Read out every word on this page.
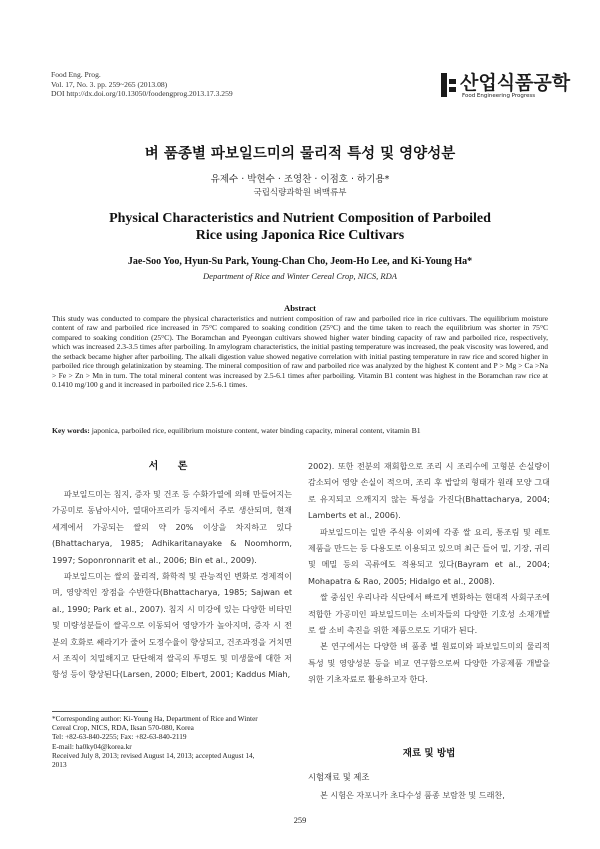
Food Eng. Prog.
Vol. 17, No. 3. pp. 259~265 (2013.08)
DOI http://dx.doi.org/10.13050/foodengprog.2013.17.3.259	산업식품공학
Food Engineering Progress
벼 품종별 파보일드미의 물리적 특성 및 영양성분
유제수 · 박현수 · 조영찬 · 이점호 · 하기용*
국립식량과학원 벼맥류부
Physical Characteristics and Nutrient Composition of Parboiled
Rice using Japonica Rice Cultivars
Jae-Soo Yoo, Hyun-Su Park, Young-Chan Cho, Jeom-Ho Lee, and Ki-Young Ha*
Department of Rice and Winter Cereal Crop, NICS, RDA
Abstract
This study was conducted to compare the physical characteristics and nutrient composition of raw and parboiled rice in rice cultivars. The equilibrium moisture content of raw and parboiled rice increased in 75°C compared to soaking condition (25°C) and the time taken to reach the equilibrium was shorter in 75°C compared to soaking condition (25°C). The Boramchan and Pyeongan cultivars showed higher water binding capacity of raw and parboiled rice, respectively, which was increased 2.3-3.5 times after parboiling. In amylogram characteristics, the initial pasting temperature was increased, the peak viscosity was lowered, and the setback became higher after parboiling. The alkali digestion value showed negative correlation with initial pasting temperature in raw rice and scored higher in parboiled rice through gelatinization by steaming. The mineral composition of raw and parboiled rice was analyzed by the highest K content and P > Mg > Ca >Na > Fe > Zn > Mn in turn. The total mineral content was increased by 2.5-6.1 times after parboiling. Vitamin B1 content was highest in the Boramchan raw rice at 0.1410 mg/100 g and it increased in parboiled rice 2.5-6.1 times.
Key words: japonica, parboiled rice, equilibrium moisture content, water binding capacity, mineral content, vitamin B1
서 론

파보일드미는 침지, 증자 및 건조 등 수화가열에 의해 만들어지는 가공미로 동남아시아, 열대아프리카 등지에서 주로 생산되며, 현재 세계에서 가공되는 쌀의 약 20% 이상을 차지하고 있다(Bhattacharya, 1985; Adhikaritanayake & Noomhorm, 1997; Soponronnarit et al., 2006; Bin et al., 2009).

파보일드미는 쌀의 물리적, 화학적 및 관능적인 변화로 경제적이며, 영양적인 장점을 수반한다(Bhattacharya, 1985; Sajwan et al., 1990; Park et al., 2007). 침지 시 미강에 있는 다양한 비타민 및 미량성분들이 쌀곡으로 이동되어 영양가가 높아지며, 증자 시 전분의 호화로 쌔라기가 줄어 도정수율이 향상되고, 건조과정을 거치면서 조직이 치밀해지고 단단해져 쌀곡의 투명도 및 미생물에 대한 저항성 등이 향상된다(Larsen, 2000; Elbert, 2001; Kaddus Miah,

*Corresponding author: Ki-Young Ha, Department of Rice and Winter
Cereal Crop, NICS, RDA, Iksan 570-080, Korea
Tel: +82-63-840-2255; Fax: +82-63-840-2119
E-mail: ha0ky04@korea.kr
Received July 8, 2013; revised August 14, 2013; accepted August 14,
2013

2002). 또한 전분의 재회합으로 조리 시 조리수에 고형분 손실량이 감소되어 영양 손실이 적으며, 조리 후 밥알의 형태가 원래 모양 그대로 유지되고 으깨지지 않는 특성을 가진다(Bhattacharya, 2004; Lamberts et al., 2006).

파보일드미는 일반 주식용 이외에 각종 쌀 요리, 통조림 및 레토 제품을 만드는 등 다용도로 이용되고 있으며 최근 들어 밀, 기장, 귀리 및 메밀 등의 곡류에도 적용되고 있다(Bayram et al., 2004; Mohapatra & Rao, 2005; Hidalgo et al., 2008).

쌀 중심인 우리나라 식단에서 빠르게 변화하는 현대적 사회구조에 적합한 가공미인 파보일드미는 소비자들의 다양한 기호성 소재개발로 쌀 소비 촉진을 위한 제품으로도 기대가 된다.

본 연구에서는 다양한 벼 품종 별 원료미와 파보일드미의 물리적 특성 및 영양성분 등을 비교 연구함으로써 다양한 가공제품 개발을 위한 기초자료로 활용하고자 한다.

재료 및 방법
시험재료 및 제조
본 시험은 자포니카 초다수성 품종 보람찬 및 드래찬,
259
